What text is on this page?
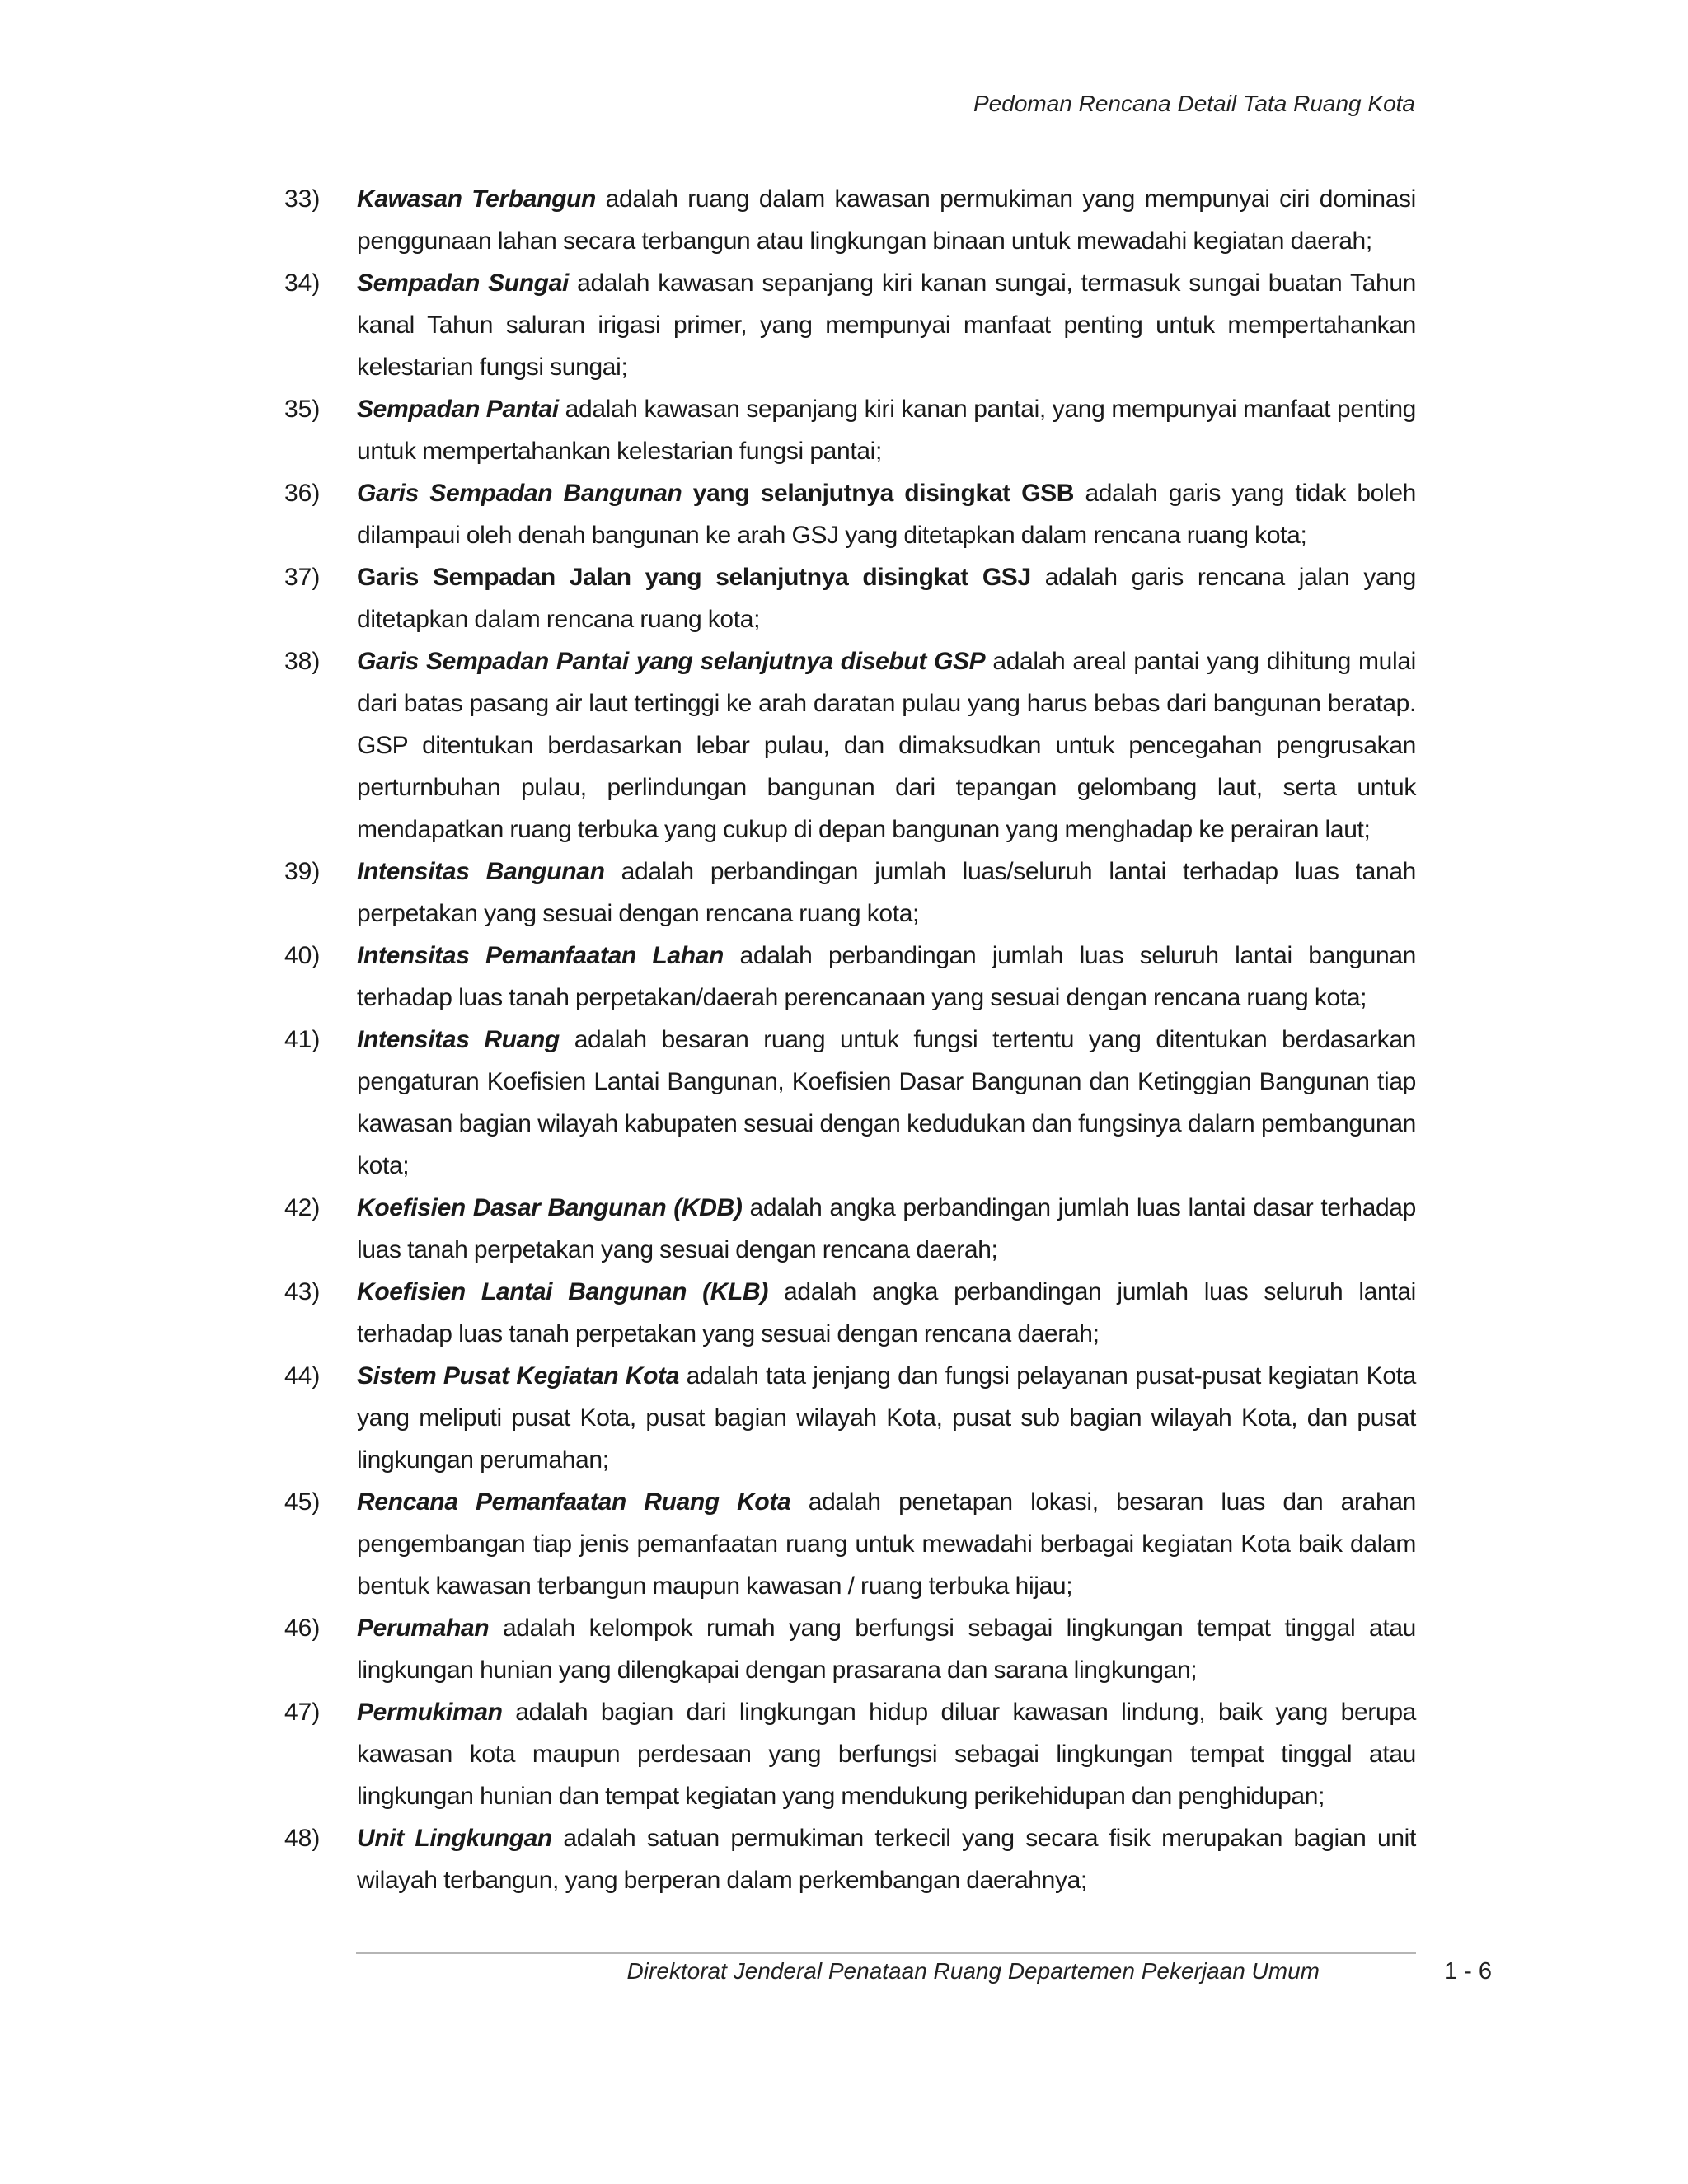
Pedoman Rencana Detail Tata Ruang Kota
33)	Kawasan Terbangun adalah ruang dalam kawasan permukiman yang mempunyai ciri dominasi penggunaan lahan secara terbangun atau lingkungan binaan untuk mewadahi kegiatan daerah;
34)	Sempadan Sungai adalah kawasan sepanjang kiri kanan sungai, termasuk sungai buatan Tahun kanal Tahun saluran irigasi primer, yang mempunyai manfaat penting untuk mempertahankan kelestarian fungsi sungai;
35)	Sempadan Pantai adalah kawasan sepanjang kiri kanan pantai, yang mempunyai manfaat penting untuk mempertahankan kelestarian fungsi pantai;
36)	Garis Sempadan Bangunan yang selanjutnya disingkat GSB adalah garis yang tidak boleh dilampaui oleh denah bangunan ke arah GSJ yang ditetapkan dalam rencana ruang kota;
37)	Garis Sempadan Jalan yang selanjutnya disingkat GSJ adalah garis rencana jalan yang ditetapkan dalam rencana ruang kota;
38)	Garis Sempadan Pantai yang selanjutnya disebut GSP adalah areal pantai yang dihitung mulai dari batas pasang air laut tertinggi ke arah daratan pulau yang harus bebas dari bangunan beratap. GSP ditentukan berdasarkan lebar pulau, dan dimaksudkan untuk pencegahan pengrusakan perturnbuhan pulau, perlindungan bangunan dari tepangan gelombang laut, serta untuk mendapatkan ruang terbuka yang cukup di depan bangunan yang menghadap ke perairan laut;
39)	Intensitas Bangunan adalah perbandingan jumlah luas/seluruh lantai terhadap luas tanah perpetakan yang sesuai dengan rencana ruang kota;
40)	Intensitas Pemanfaatan Lahan adalah perbandingan jumlah luas seluruh lantai bangunan terhadap luas tanah perpetakan/daerah perencanaan yang sesuai dengan rencana ruang kota;
41)	Intensitas Ruang adalah besaran ruang untuk fungsi tertentu yang ditentukan berdasarkan pengaturan Koefisien Lantai Bangunan, Koefisien Dasar Bangunan dan Ketinggian Bangunan tiap kawasan bagian wilayah kabupaten sesuai dengan kedudukan dan fungsinya dalarn pembangunan kota;
42)	Koefisien Dasar Bangunan (KDB) adalah angka perbandingan jumlah luas lantai dasar terhadap luas tanah perpetakan yang sesuai dengan rencana daerah;
43)	Koefisien Lantai Bangunan (KLB) adalah angka perbandingan jumlah luas seluruh lantai terhadap luas tanah perpetakan yang sesuai dengan rencana daerah;
44)	Sistem Pusat Kegiatan Kota adalah tata jenjang dan fungsi pelayanan pusat-pusat kegiatan Kota yang meliputi pusat Kota, pusat bagian wilayah Kota, pusat sub bagian wilayah Kota, dan pusat lingkungan perumahan;
45)	Rencana Pemanfaatan Ruang Kota adalah penetapan lokasi, besaran luas dan arahan pengembangan tiap jenis pemanfaatan ruang untuk mewadahi berbagai kegiatan Kota baik dalam bentuk kawasan terbangun maupun kawasan / ruang terbuka hijau;
46)	Perumahan adalah kelompok rumah yang berfungsi sebagai lingkungan tempat tinggal atau lingkungan hunian yang dilengkapai dengan prasarana dan sarana lingkungan;
47)	Permukiman adalah bagian dari lingkungan hidup diluar kawasan lindung, baik yang berupa kawasan kota maupun perdesaan yang berfungsi sebagai lingkungan tempat tinggal atau lingkungan hunian dan tempat kegiatan yang mendukung perikehidupan dan penghidupan;
48)	Unit Lingkungan adalah satuan permukiman terkecil yang secara fisik merupakan bagian unit wilayah terbangun, yang berperan dalam perkembangan daerahnya;
Direktorat Jenderal Penataan Ruang Departemen Pekerjaan Umum	1 - 6
